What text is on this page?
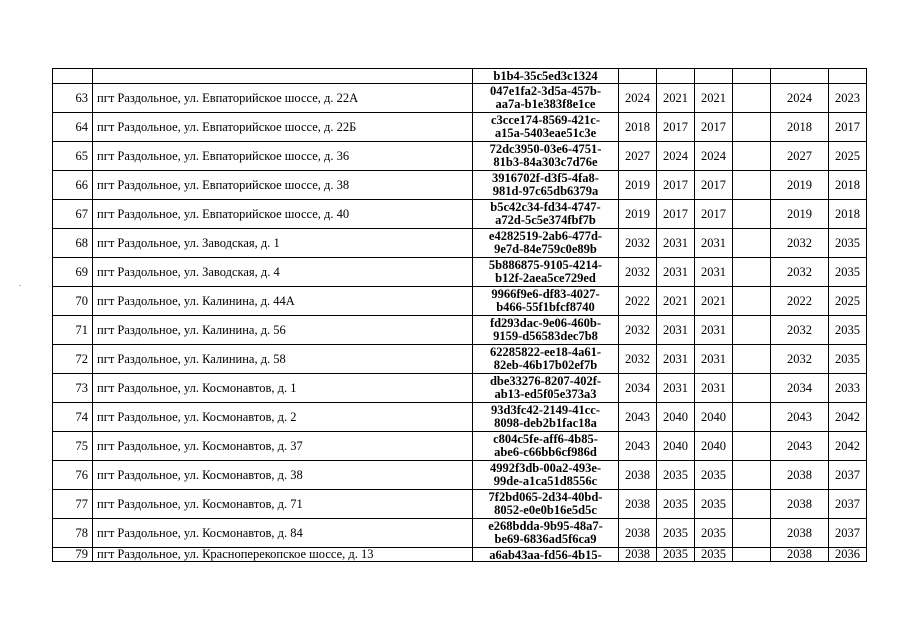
.
		b1b4-35c5ed3c1324						
63	пгт Раздольное, ул. Евпаторийское шоссе, д. 22А	047e1fa2-3d5a-457b-
aa7a-b1e383f8e1ce	2024	2021	2021		2024	2023
64	пгт Раздольное, ул. Евпаторийское шоссе, д. 22Б	c3cce174-8569-421c-
a15a-5403eae51c3e	2018	2017	2017		2018	2017
65	пгт Раздольное, ул. Евпаторийское шоссе, д. 36	72dc3950-03e6-4751-
81b3-84a303c7d76e	2027	2024	2024		2027	2025
66	пгт Раздольное, ул. Евпаторийское шоссе, д. 38	3916702f-d3f5-4fa8-
981d-97c65db6379a	2019	2017	2017		2019	2018
67	пгт Раздольное, ул. Евпаторийское шоссе, д. 40	b5c42c34-fd34-4747-
a72d-5c5e374fbf7b	2019	2017	2017		2019	2018
68	пгт Раздольное, ул. Заводская, д. 1	e4282519-2ab6-477d-
9e7d-84e759c0e89b	2032	2031	2031		2032	2035
69	пгт Раздольное, ул. Заводская, д. 4	5b886875-9105-4214-
b12f-2aea5ce729ed	2032	2031	2031		2032	2035
70	пгт Раздольное, ул. Калинина, д. 44А	9966f9e6-df83-4027-
b466-55f1bfcf8740	2022	2021	2021		2022	2025
71	пгт Раздольное, ул. Калинина, д. 56	fd293dac-9e06-460b-
9159-d56583dec7b8	2032	2031	2031		2032	2035
72	пгт Раздольное, ул. Калинина, д. 58	62285822-ee18-4a61-
82eb-46b17b02ef7b	2032	2031	2031		2032	2035
73	пгт Раздольное, ул. Космонавтов, д. 1	dbe33276-8207-402f-
ab13-ed5f05e373a3	2034	2031	2031		2034	2033
74	пгт Раздольное, ул. Космонавтов, д. 2	93d3fc42-2149-41cc-
8098-deb2b1fac18a	2043	2040	2040		2043	2042
75	пгт Раздольное, ул. Космонавтов, д. 37	c804c5fe-aff6-4b85-
abe6-c66bb6cf986d	2043	2040	2040		2043	2042
76	пгт Раздольное, ул. Космонавтов, д. 38	4992f3db-00a2-493e-
99de-a1ca51d8556c	2038	2035	2035		2038	2037
77	пгт Раздольное, ул. Космонавтов, д. 71	7f2bd065-2d34-40bd-
8052-e0e0b16e5d5c	2038	2035	2035		2038	2037
78	пгт Раздольное, ул. Космонавтов, д. 84	e268bdda-9b95-48a7-
be69-6836ad5f6ca9	2038	2035	2035		2038	2037
79	пгт Раздольное, ул. Красноперекопское шоссе, д. 13	a6ab43aa-fd56-4b15-	2038	2035	2035		2038	2036
